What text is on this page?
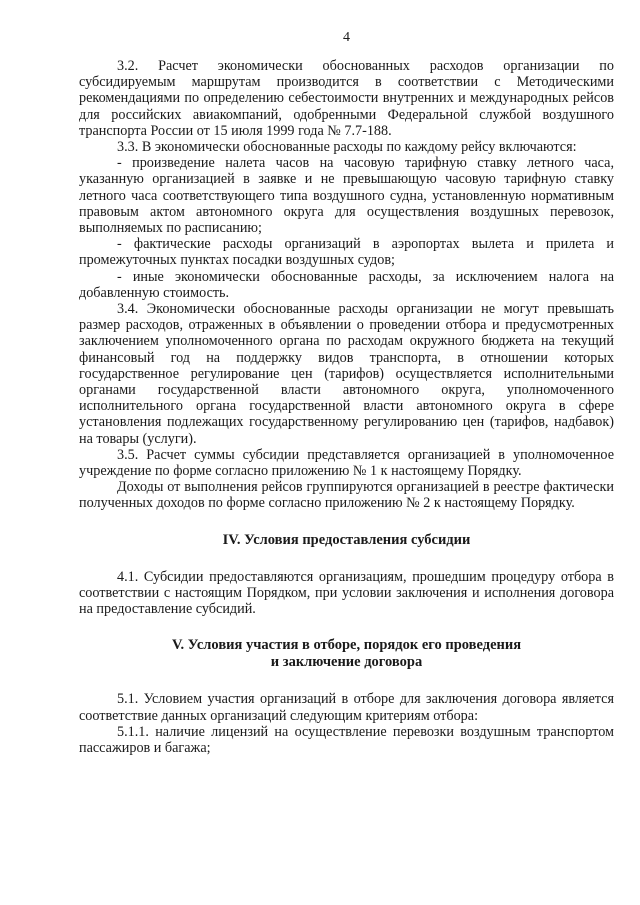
4

3.2. Расчет экономически обоснованных расходов организации по субсидируемым маршрутам производится в соответствии с Методическими рекомендациями по определению себестоимости внутренних и международных рейсов для российских авиакомпаний, одобренными Федеральной службой воздушного транспорта России от 15 июля 1999 года № 7.7-188.

3.3. В экономически обоснованные расходы по каждому рейсу включаются:

- произведение налета часов на часовую тарифную ставку летного часа, указанную организацией в заявке и не превышающую часовую тарифную ставку летного часа соответствующего типа воздушного судна, установленную нормативным правовым актом автономного округа для осуществления воздушных перевозок, выполняемых по расписанию;

- фактические расходы организаций в аэропортах вылета и прилета и промежуточных пунктах посадки воздушных судов;

- иные экономически обоснованные расходы, за исключением налога на добавленную стоимость.

3.4. Экономически обоснованные расходы организации не могут превышать размер расходов, отраженных в объявлении о проведении отбора и предусмотренных заключением уполномоченного органа по расходам окружного бюджета на текущий финансовый год на поддержку видов транспорта, в отношении которых государственное регулирование цен (тарифов) осуществляется исполнительными органами государственной власти автономного округа, уполномоченного исполнительного органа государственной власти автономного округа в сфере установления подлежащих государственному регулированию цен (тарифов, надбавок) на товары (услуги).

3.5. Расчет суммы субсидии представляется организацией в уполномоченное учреждение по форме согласно приложению № 1 к настоящему Порядку.

Доходы от выполнения рейсов группируются организацией в реестре фактически полученных доходов по форме согласно приложению № 2 к настоящему Порядку.

IV. Условия предоставления субсидии

4.1. Субсидии предоставляются организациям, прошедшим процедуру отбора в соответствии с настоящим Порядком, при условии заключения и исполнения договора на предоставление субсидий.

V. Условия участия в отборе, порядок его проведения

и заключение договора

5.1. Условием участия организаций в отборе для заключения договора является соответствие данных организаций следующим критериям отбора:

5.1.1. наличие лицензий на осуществление перевозки воздушным транспортом пассажиров и багажа;
